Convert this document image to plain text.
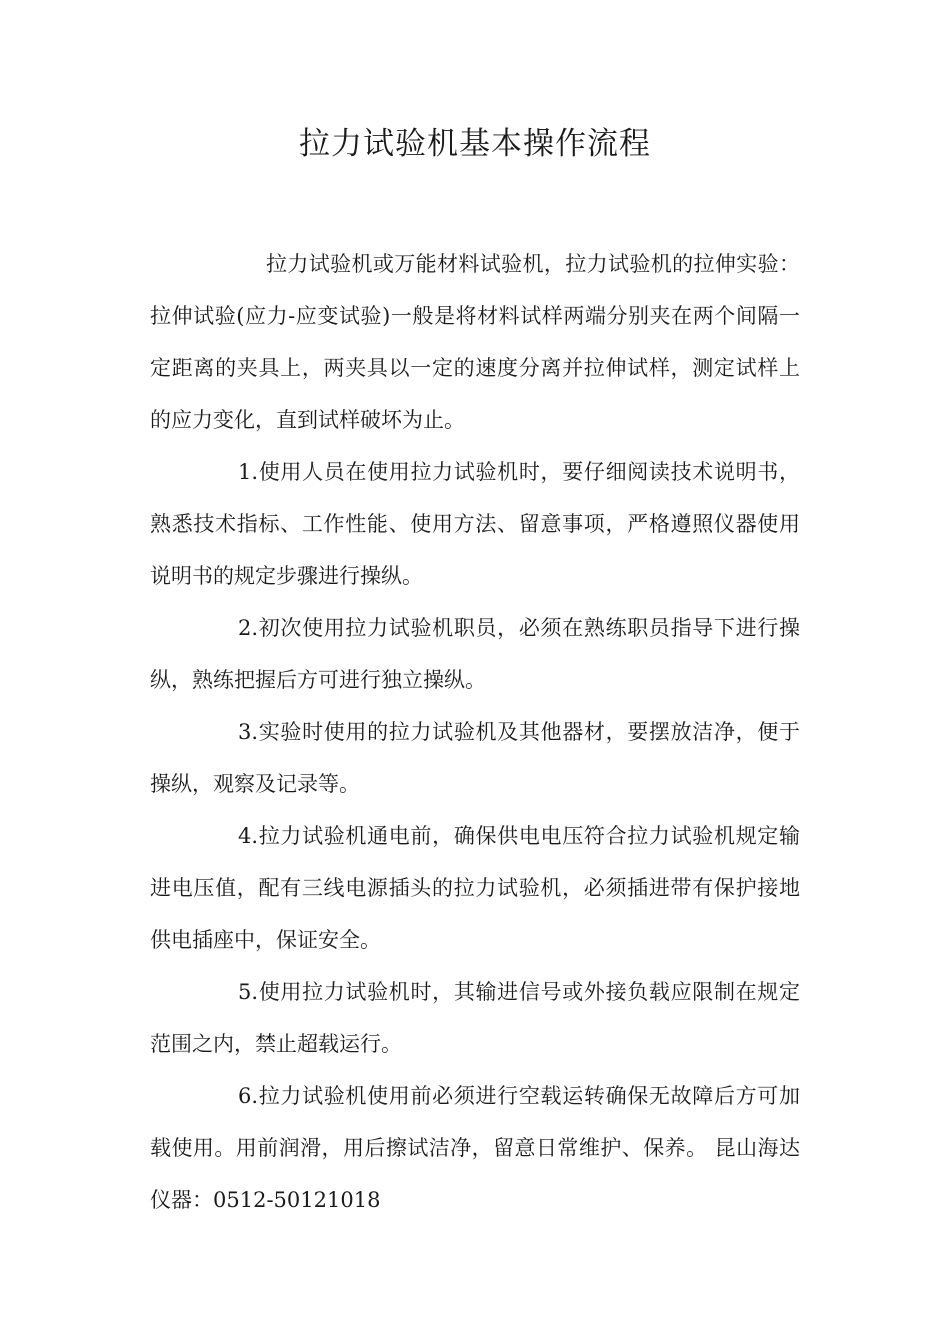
拉力试验机基本操作流程

拉力试验机或万能材料试验机，拉力试验机的拉伸实验：拉伸试验(应力-应变试验)一般是将材料试样两端分别夹在两个间隔一定距离的夹具上，两夹具以一定的速度分离并拉伸试样，测定试样上的应力变化，直到试样破坏为止。

1.使用人员在使用拉力试验机时，要仔细阅读技术说明书，熟悉技术指标、工作性能、使用方法、留意事项，严格遵照仪器使用说明书的规定步骤进行操纵。

2.初次使用拉力试验机职员，必须在熟练职员指导下进行操纵，熟练把握后方可进行独立操纵。

3.实验时使用的拉力试验机及其他器材，要摆放洁净，便于操纵，观察及记录等。

4.拉力试验机通电前，确保供电电压符合拉力试验机规定输进电压值，配有三线电源插头的拉力试验机，必须插进带有保护接地供电插座中，保证安全。

5.使用拉力试验机时，其输进信号或外接负载应限制在规定范围之内，禁止超载运行。

6.拉力试验机使用前必须进行空载运转确保无故障后方可加载使用。用前润滑，用后擦试洁净，留意日常维护、保养。 昆山海达仪器：0512-50121018
